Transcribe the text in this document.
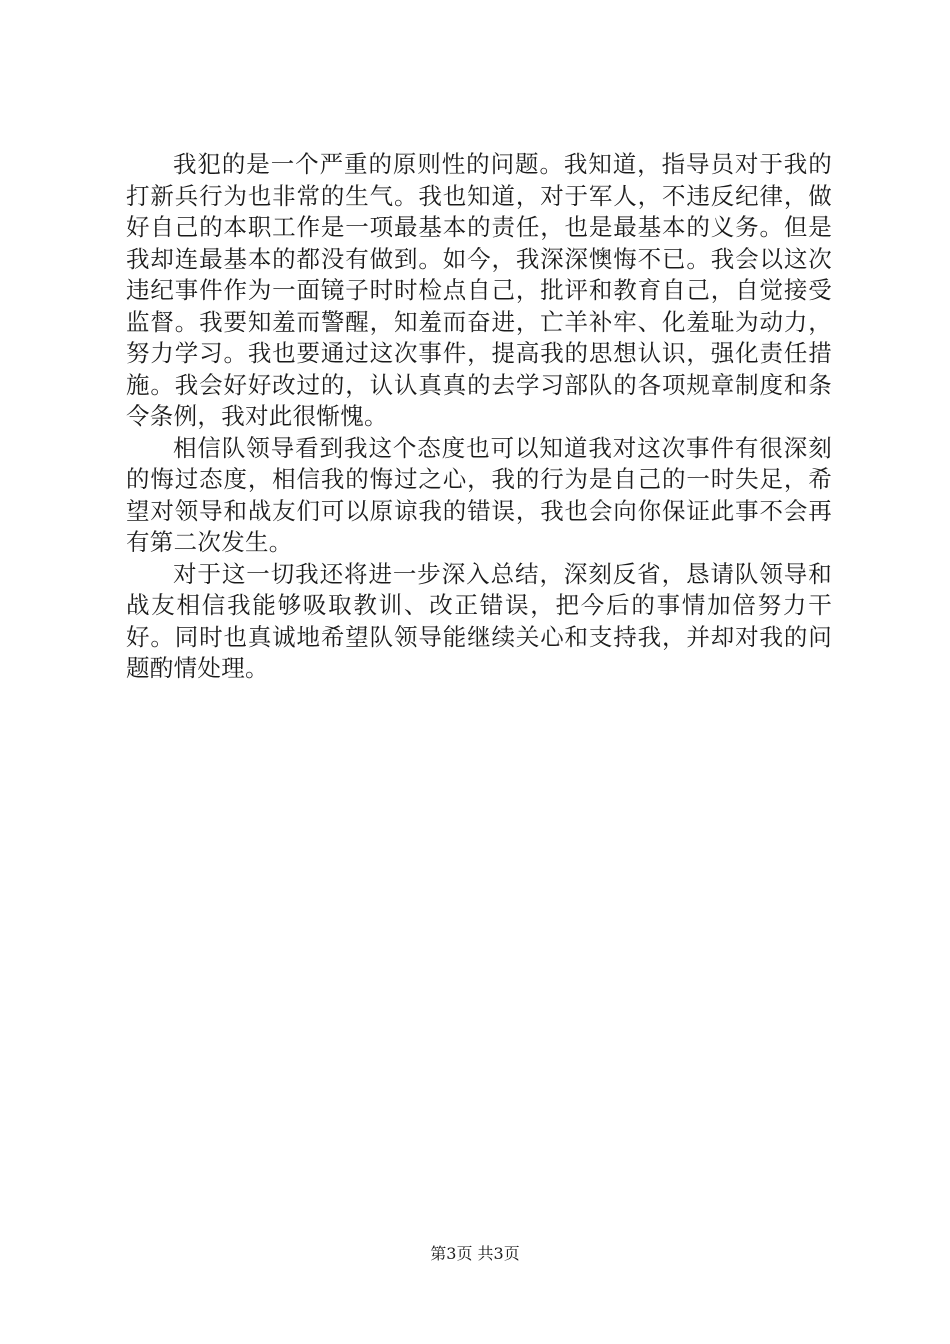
我犯的是一个严重的原则性的问题。我知道，指导员对于我的打新兵行为也非常的生气。我也知道，对于军人，不违反纪律，做好自己的本职工作是一项最基本的责任，也是最基本的义务。但是我却连最基本的都没有做到。如今，我深深懊悔不已。我会以这次违纪事件作为一面镜子时时检点自己，批评和教育自己，自觉接受监督。我要知羞而警醒，知羞而奋进，亡羊补牢、化羞耻为动力，努力学习。我也要通过这次事件，提高我的思想认识，强化责任措施。我会好好改过的，认认真真的去学习部队的各项规章制度和条令条例，我对此很惭愧。

相信队领导看到我这个态度也可以知道我对这次事件有很深刻的悔过态度，相信我的悔过之心，我的行为是自己的一时失足，希望对领导和战友们可以原谅我的错误，我也会向你保证此事不会再有第二次发生。

对于这一切我还将进一步深入总结，深刻反省，恳请队领导和战友相信我能够吸取教训、改正错误，把今后的事情加倍努力干好。同时也真诚地希望队领导能继续关心和支持我，并却对我的问题酌情处理。

第3页 共3页
